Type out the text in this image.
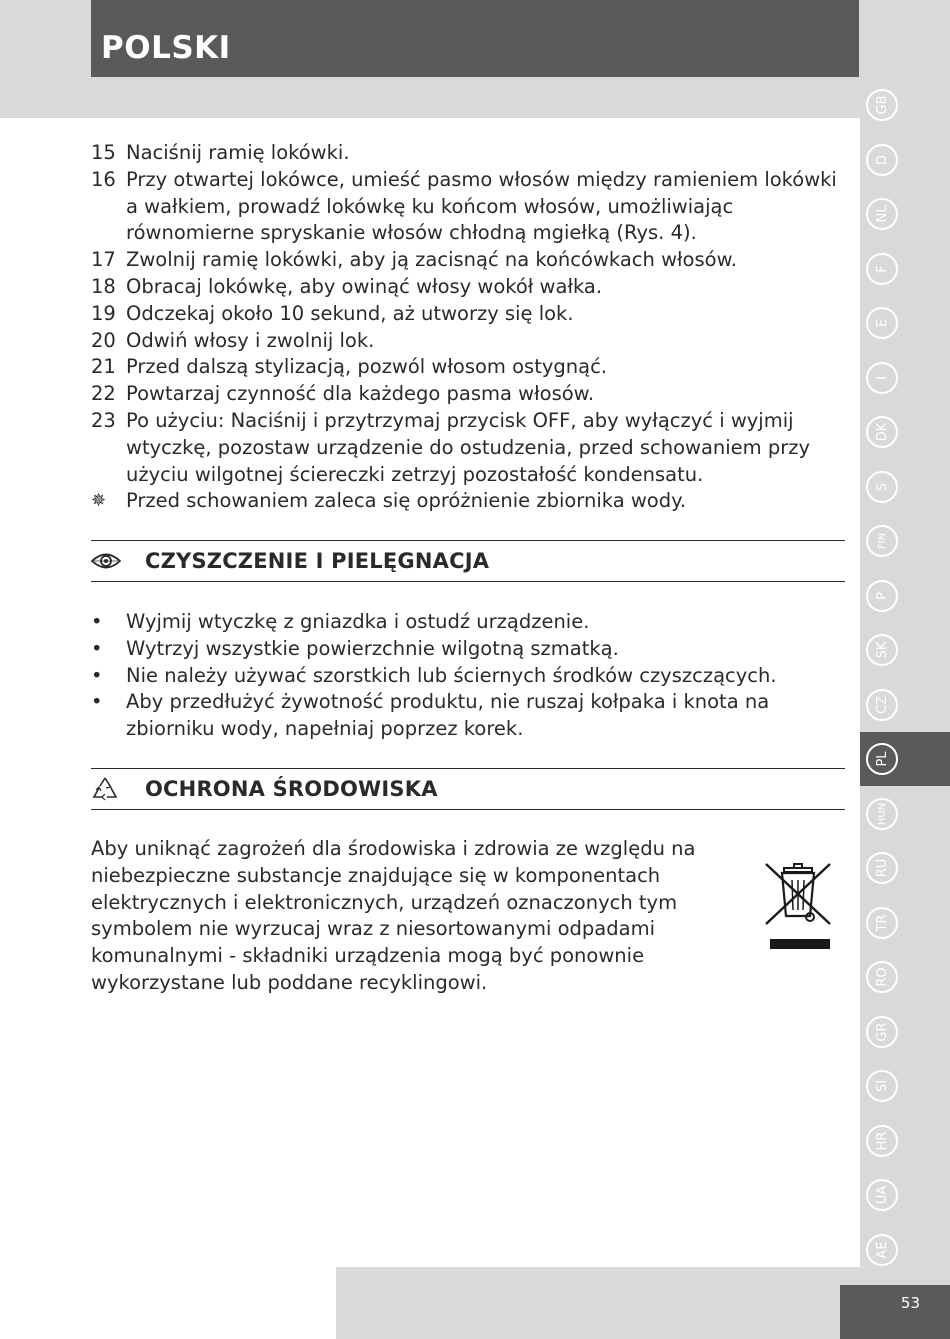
POLSKI
GB
D
NL
F
E
I
DK
S
FIN
P
SK
CZ
PL
HUN
RU
TR
RO
GR
SI
HR
UA
AE
15 Naciśnij ramię lokówki.
16 Przy otwartej lokówce, umieść pasmo włosów między ramieniem lokówki a wałkiem, prowadź lokówkę ku końcom włosów, umożliwiając równomierne spryskanie włosów chłodną mgiełką (Rys. 4).
17 Zwolnij ramię lokówki, aby ją zacisnąć na końcówkach włosów.
18 Obracaj lokówkę, aby owinąć włosy wokół wałka.
19 Odczekaj około 10 sekund, aż utworzy się lok.
20 Odwiń włosy i zwolnij lok.
21 Przed dalszą stylizacją, pozwól włosom ostygnąć.
22 Powtarzaj czynność dla każdego pasma włosów.
23 Po użyciu: Naciśnij i przytrzymaj przycisk OFF, aby wyłączyć i wyjmij wtyczkę, pozostaw urządzenie do ostudzenia, przed schowaniem przy użyciu wilgotnej ściereczki zetrzyj pozostałość kondensatu.
✵	Przed schowaniem zaleca się opróżnienie zbiornika wody.
CZYSZCZENIE I PIELĘGNACJA
•	Wyjmij wtyczkę z gniazdka i ostudź urządzenie.
•	Wytrzyj wszystkie powierzchnie wilgotną szmatką.
•	Nie należy używać szorstkich lub ściernych środków czyszczących.
•	Aby przedłużyć żywotność produktu, nie ruszaj kołpaka i knota na zbiorniku wody, napełniaj poprzez korek.
OCHRONA ŚRODOWISKA
Aby uniknąć zagrożeń dla środowiska i zdrowia ze względu na niebezpieczne substancje znajdujące się w komponentach elektrycznych i elektronicznych, urządzeń oznaczonych tym symbolem nie wyrzucaj wraz z niesortowanymi odpadami komunalnymi - składniki urządzenia mogą być ponownie wykorzystane lub poddane recyklingowi.
53
